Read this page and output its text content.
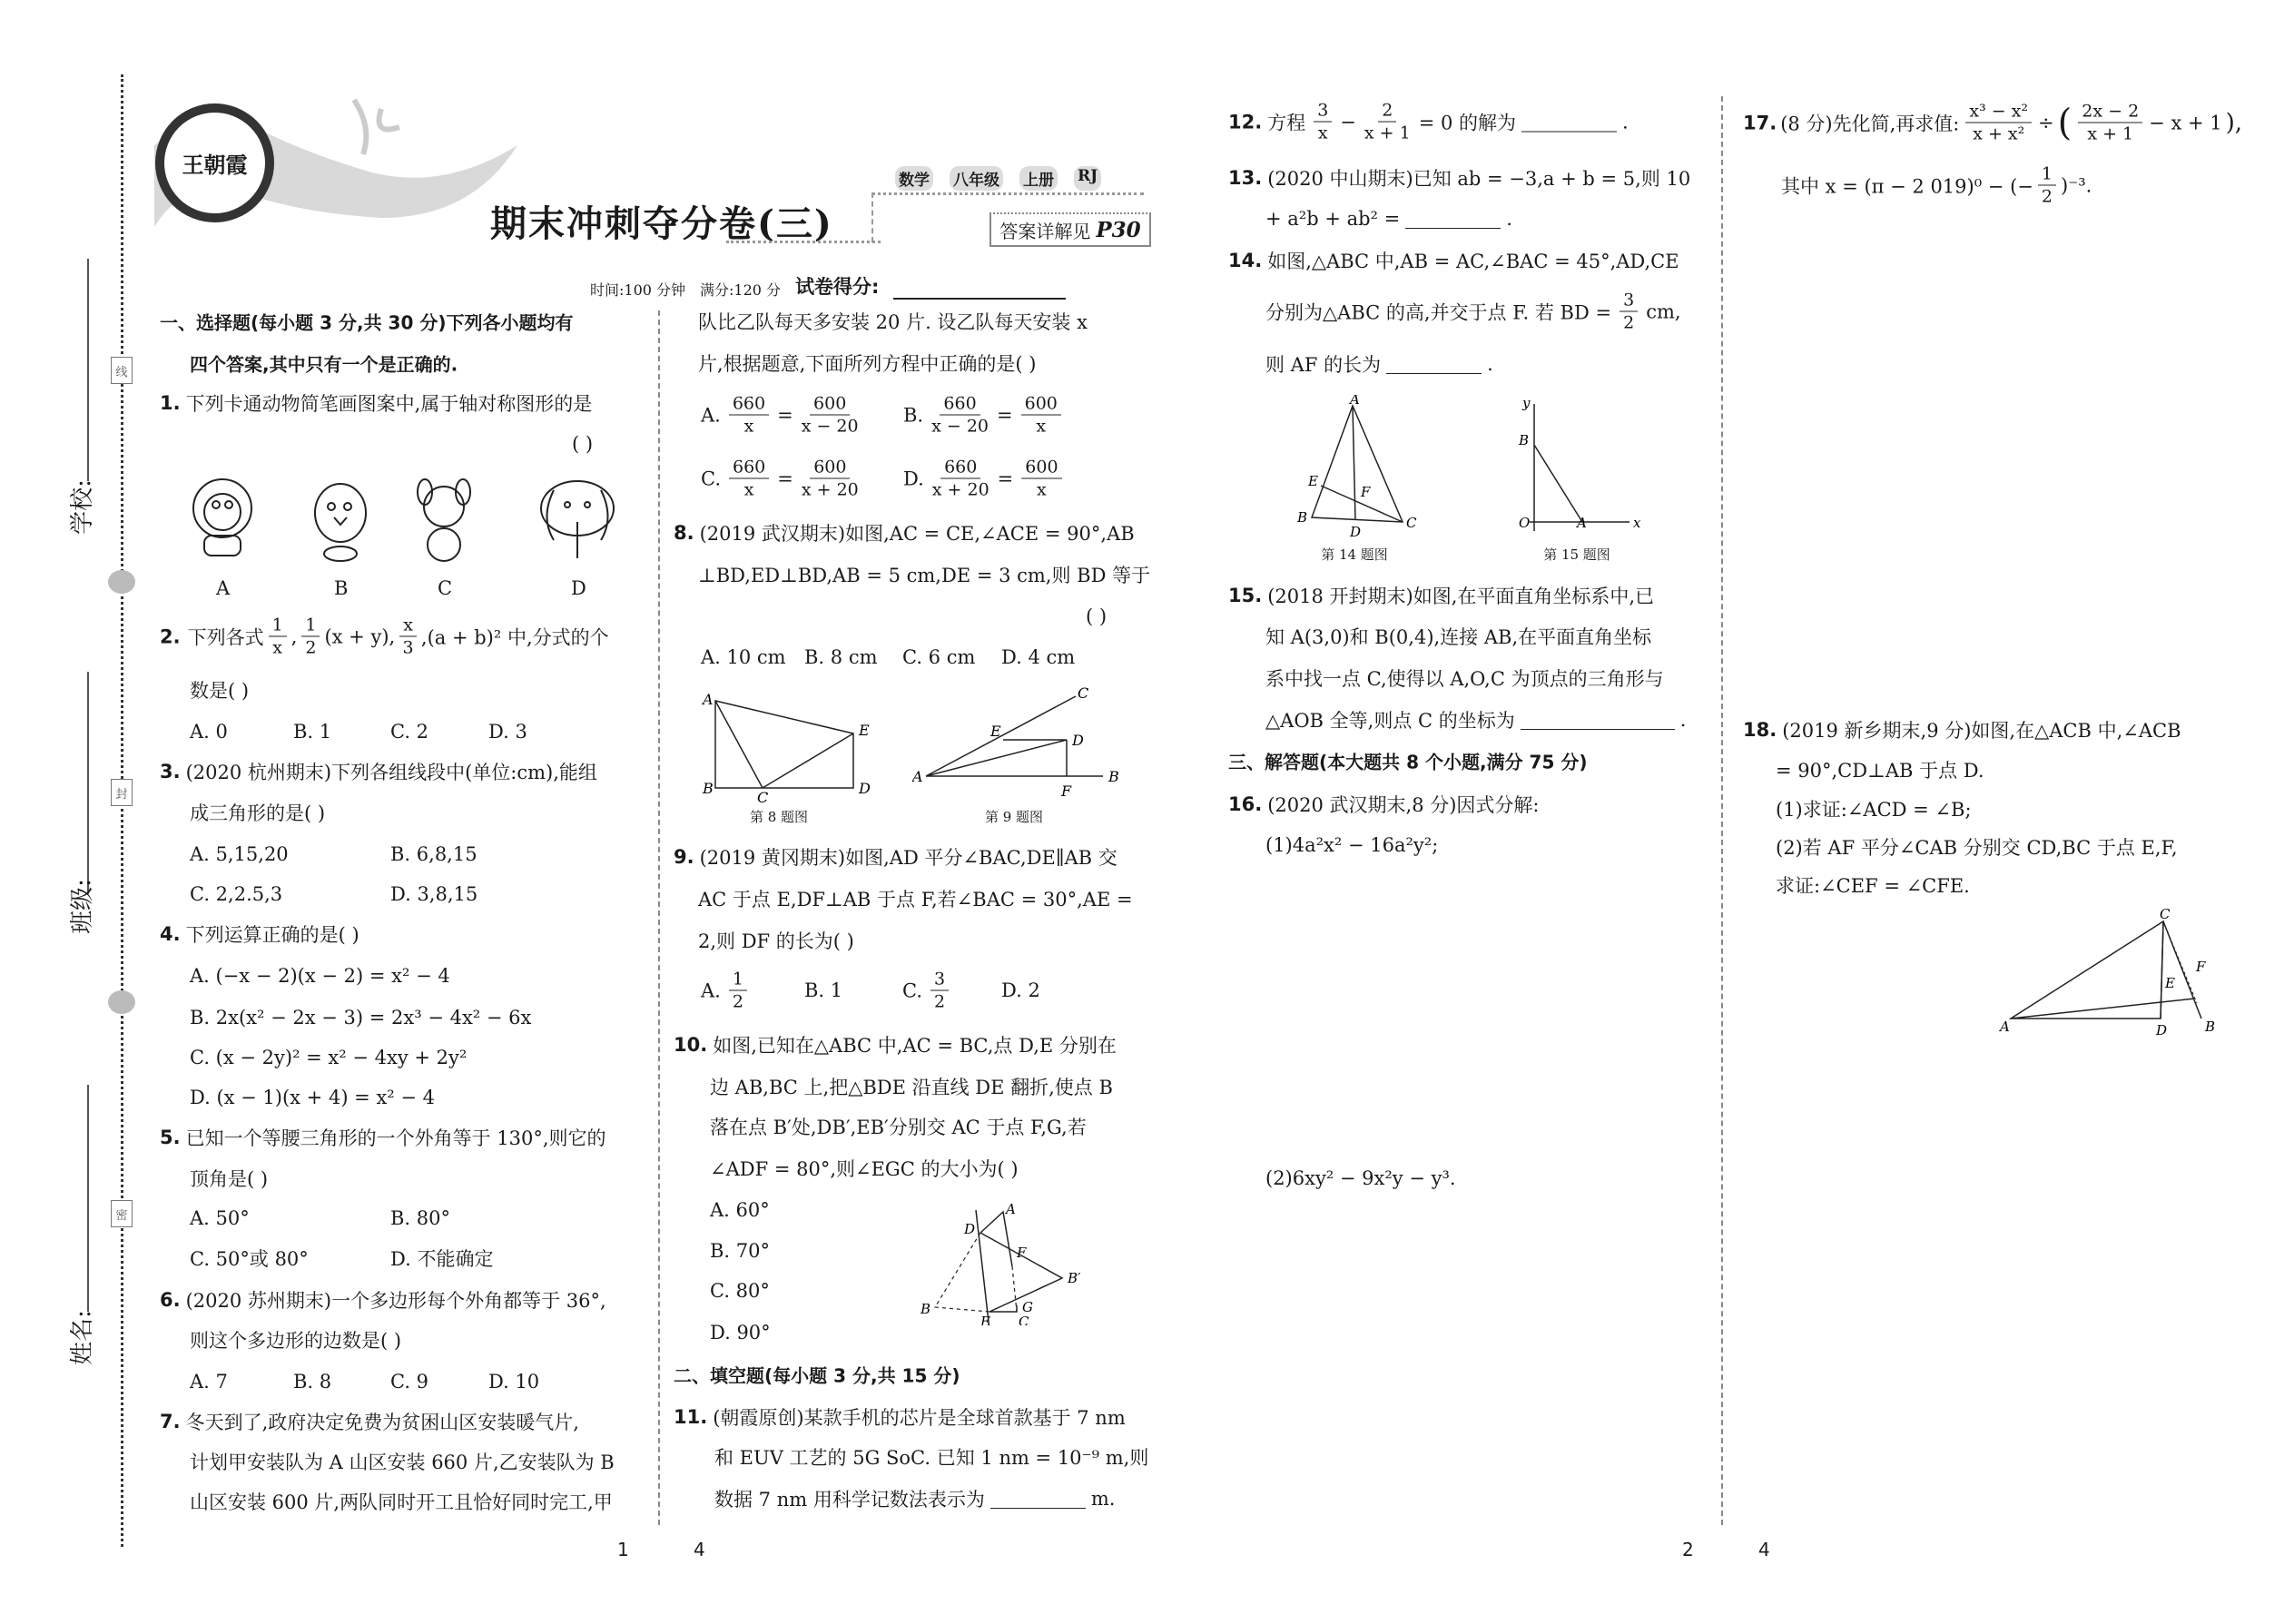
线
封
密
学校:
班级:
姓名:
王朝霞
期末冲刺夺分卷(三)
数学 八年级 上册 RJ
答案详解见 P30
时间:100 分钟 满分:120 分 试卷得分:
一、选择题(每小题 3 分,共 30 分)下列各小题均有
四个答案,其中只有一个是正确的.
1. 下列卡通动物简笔画图案中,属于轴对称图形的是
( )
A	B	C	D
2. 下列各式 $\frac{1}{x}$ , $\frac{1}{2} (x + y)$, $\frac{x}{3} ,(a + b)^2$ 中,分式的个
数是( )
A. 0	B. 1	C. 2	D. 3
3. (2020 杭州期末)下列各组线段中(单位:cm),能组
成三角形的是( )
A. 5,15,20	B. 6,8,15
C. 2,2.5,3	D. 3,8,15
4. 下列运算正确的是( )
A. (−x − 2)(x − 2) = x² − 4
B. 2x(x² − 2x − 3) = 2x³ − 4x² − 6x
C. (x − 2y)² = x² − 4xy + 2y²
D. (x − 1)(x + 4) = x² − 4
5. 已知一个等腰三角形的一个外角等于 130°,则它的
顶角是( )
A. 50°	B. 80°
C. 50°或 80°	D. 不能确定
6. (2020 苏州期末)一个多边形每个外角都等于 36°,
则这个多边形的边数是( )
A. 7	B. 8	C. 9	D. 10
7. 冬天到了,政府决定免费为贫困山区安装暖气片,
计划甲安装队为 A 山区安装 660 片,乙安装队为 B
山区安装 600 片,两队同时开工且恰好同时完工,甲
1	4
队比乙队每天多安装 20 片. 设乙队每天安装 x
片,根据题意,下面所列方程中正确的是( )
A. $\frac{660}{x} = \frac{600}{x - 20} B$. $\frac{660}{x - 20} = \frac{600}{x}$
C. $\frac{660}{x} = \frac{600}{x + 20} D$. $\frac{660}{x + 20} = \frac{600}{x}$
8. (2019 武汉期末)如图,AC = CE,∠ACE = 90°,AB
⊥BD,ED⊥BD,AB = 5 cm,DE = 3 cm,则 BD 等于
( )
A. 10 cm B. 8 cm C. 6 cm D. 4 cm
A
B
C
D
E
A	B
C
D
E
F
第 8 题图	第 9 题图
9. (2019 黄冈期末)如图,AD 平分∠BAC,DE∥AB 交
AC 于点 E,DF⊥AB 于点 F,若∠BAC = 30°,AE =
2,则 DF 的长为( )
A. $\frac{1}{2}$	B. 1	C. $\frac{3}{2}$	D. 2
10. 如图,已知在△ABC 中,AC = BC,点 D,E 分别在
边 AB,BC 上,把△BDE 沿直线 DE 翻折,使点 B
落在点 B′处,DB′,EB′分别交 AC 于点 F,G,若
∠ADF = 80°,则∠EGC 的大小为( )
A. 60°
B. 70°
C. 80°
D. 90°
A
B
C
D
E
F
G
B′
二、填空题(每小题 3 分,共 15 分)
11. (朝霞原创)某款手机的芯片是全球首款基于 7 nm
和 EUV 工艺的 5G SoC. 已知 1 nm = 10⁻⁹ m,则
数据 7 nm 用科学记数法表示为	m.
12. 方程 $\frac{3}{x} - \frac{2}{x + 1} = 0$ 的解为	.
13. (2020 中山期末)已知 ab = −3,a + b = 5,则 10
+ a²b + ab² =	.
14. 如图,△ABC 中,AB = AC,∠BAC = 45°,AD,CE
分别为△ABC 的高,并交于点 F. 若 BD = $\frac{3}{2}$ cm,
则 AF 的长为	.
A
B	C
D
E
F
y
x
O	A
B
第 14 题图	第 15 题图
15. (2018 开封期末)如图,在平面直角坐标系中,已
知 A(3,0)和 B(0,4),连接 AB,在平面直角坐标
系中找一点 C,使得以 A,O,C 为顶点的三角形与
△AOB 全等,则点 C 的坐标为	.
三、解答题(本大题共 8 个小题,满分 75 分)
16. (2020 武汉期末,8 分)因式分解:
(1)4a²x² − 16a²y²;
(2)6xy² − 9x²y − y³.
2	4
17. (8 分)先化简,再求值: $\frac{\text{x³ − x²}}{\text{x + x²}}$ ÷ ( $\frac{2x - 2}{x + 1} - x + 1$ ),
其中 x = (π − 2 019)⁰ − (− $\frac{1}{2} )^{-3}$.
18. (2019 新乡期末,9 分)如图,在△ACB 中,∠ACB
= 90°,CD⊥AB 于点 D.
(1)求证:∠ACD = ∠B;
(2)若 AF 平分∠CAB 分别交 CD,BC 于点 E,F,
求证:∠CEF = ∠CFE.
A	B
C
D
E
F
